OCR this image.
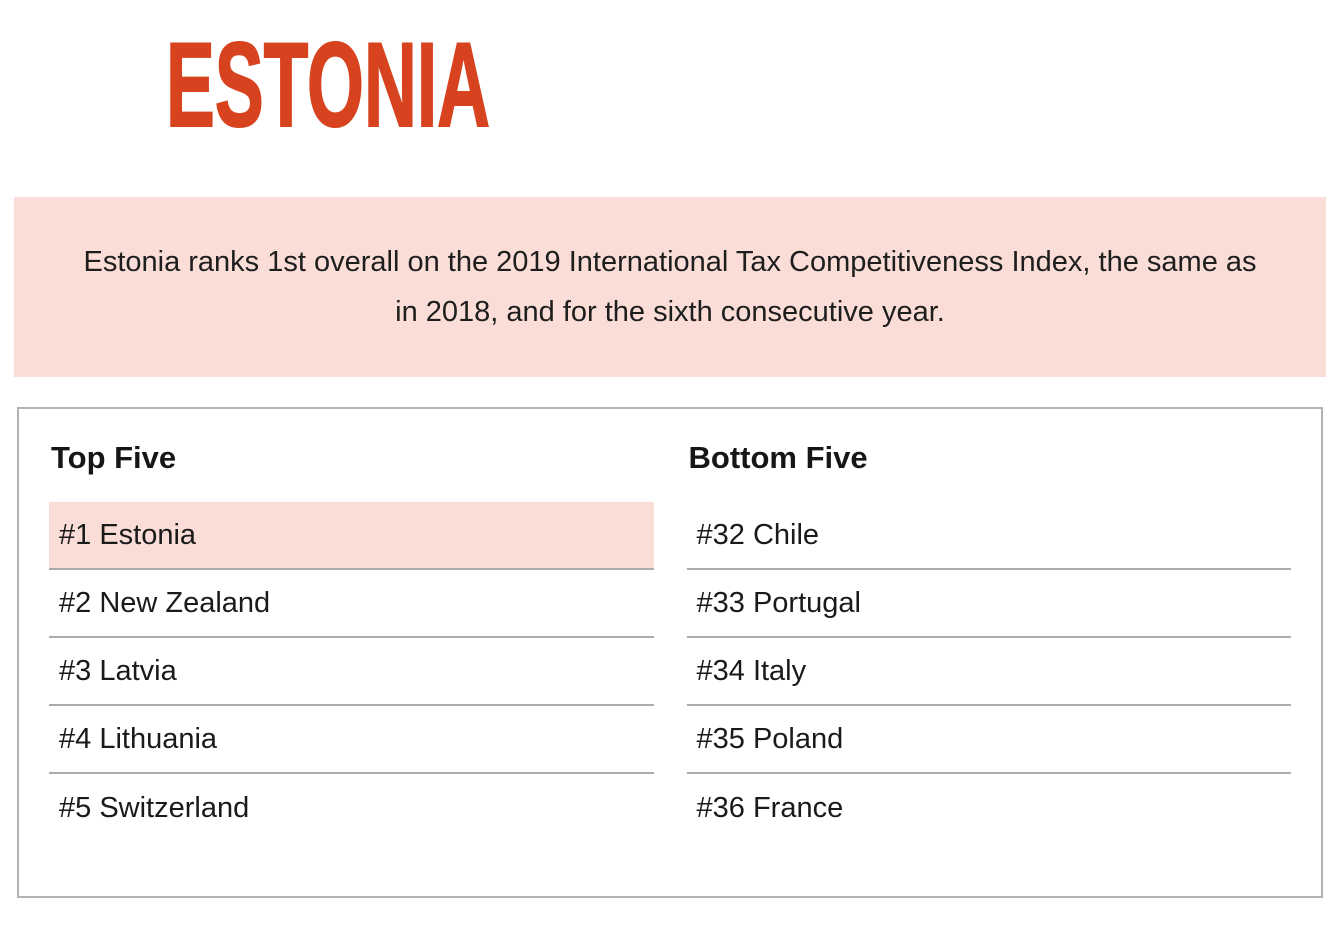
ESTONIA

Estonia ranks 1st overall on the 2019 International Tax Competitiveness Index, the same as in 2018, and for the sixth consecutive year.

Top Five
#1 Estonia
#2 New Zealand
#3 Latvia
#4 Lithuania
#5 Switzerland
Bottom Five
#32 Chile
#33 Portugal
#34 Italy
#35 Poland
#36 France
